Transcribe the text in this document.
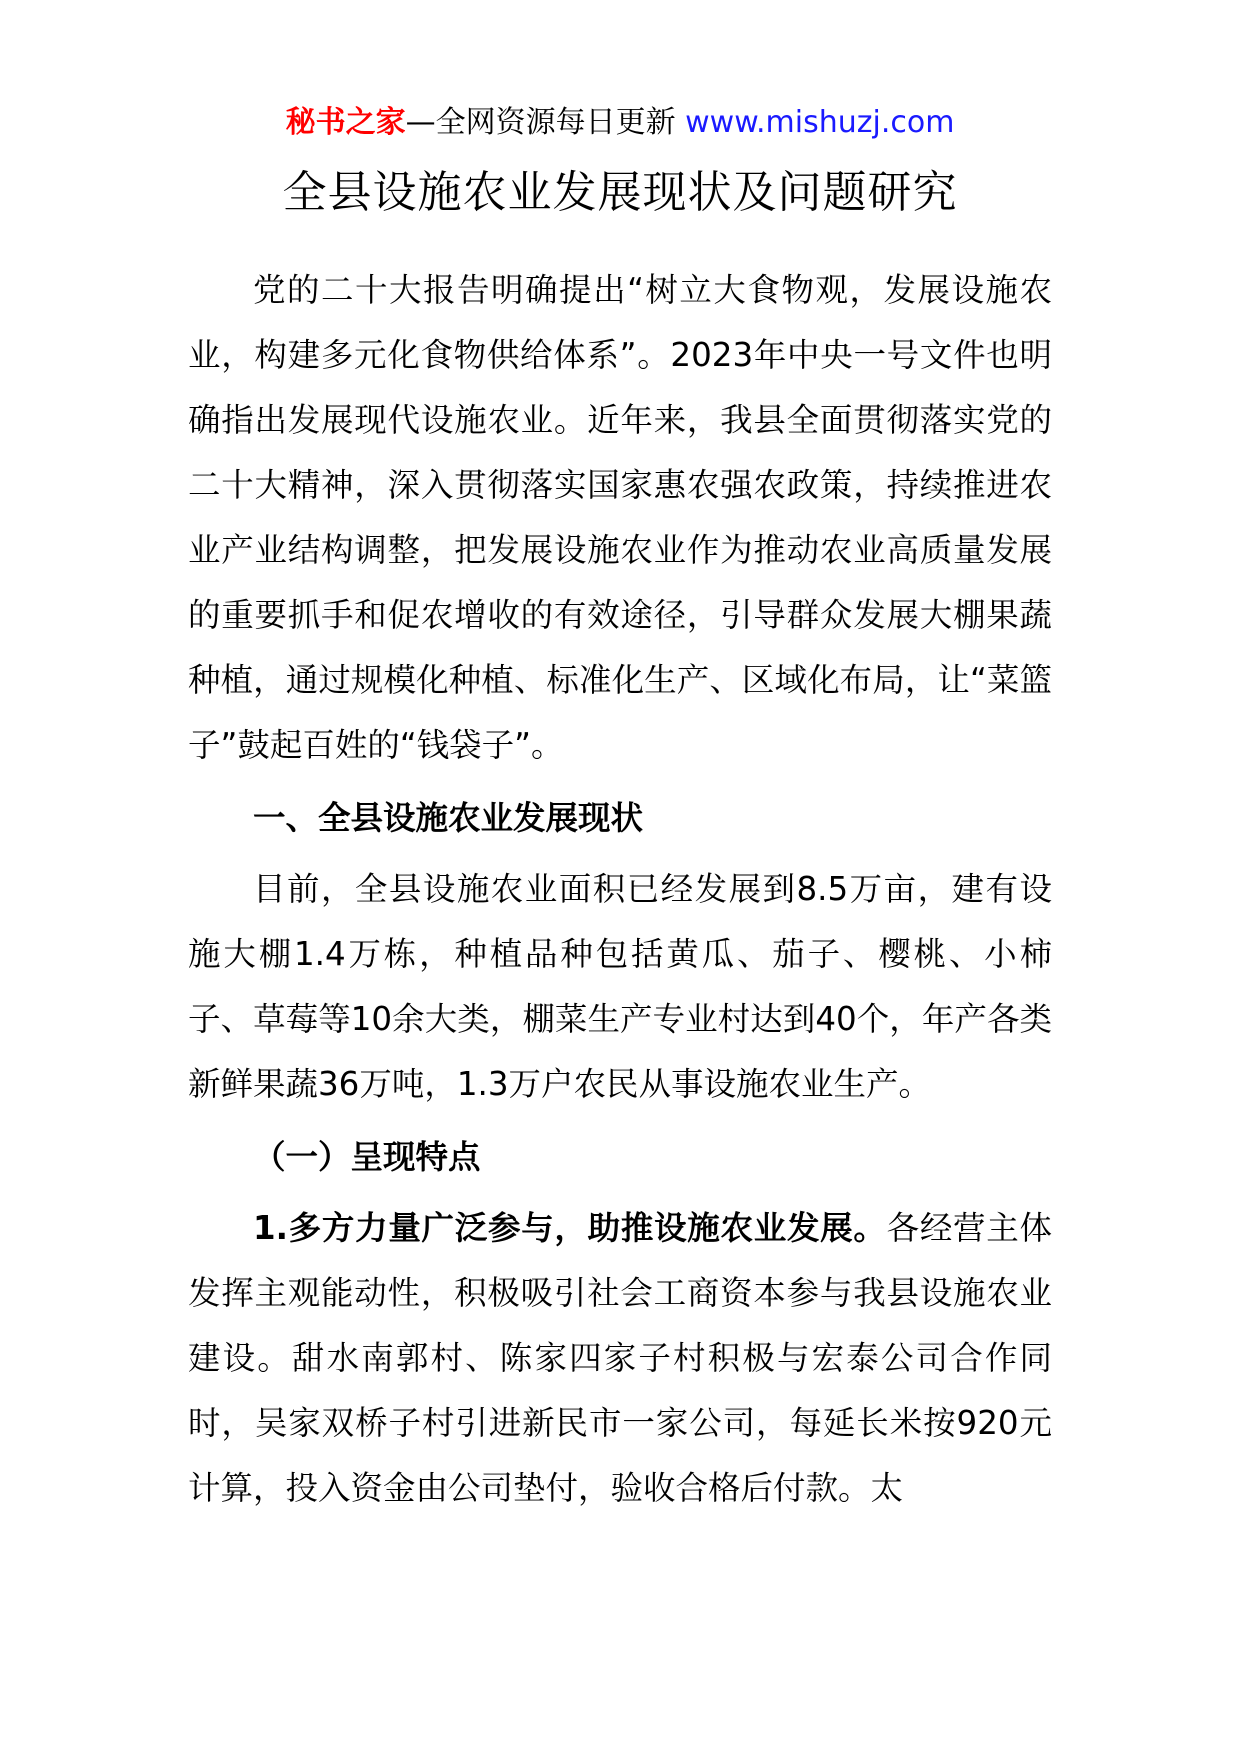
秘书之家—全网资源每日更新 www.mishuzj.com
全县设施农业发展现状及问题研究

党的二十大报告明确提出“树立大食物观，发展设施农业，构建多元化食物供给体系”。2023年中央一号文件也明确指出发展现代设施农业。近年来，我县全面贯彻落实党的二十大精神，深入贯彻落实国家惠农强农政策，持续推进农业产业结构调整，把发展设施农业作为推动农业高质量发展的重要抓手和促农增收的有效途径，引导群众发展大棚果蔬种植，通过规模化种植、标准化生产、区域化布局，让“菜篮子”鼓起百姓的“钱袋子”。

一、全县设施农业发展现状

目前，全县设施农业面积已经发展到8.5万亩，建有设施大棚1.4万栋，种植品种包括黄瓜、茄子、樱桃、小柿子、草莓等10余大类，棚菜生产专业村达到40个，年产各类新鲜果蔬36万吨，1.3万户农民从事设施农业生产。

（一）呈现特点

1.多方力量广泛参与，助推设施农业发展。各经营主体发挥主观能动性，积极吸引社会工商资本参与我县设施农业建设。甜水南郭村、陈家四家子村积极与宏泰公司合作同时，吴家双桥子村引进新民市一家公司，每延长米按920元计算，投入资金由公司垫付，验收合格后付款。太
